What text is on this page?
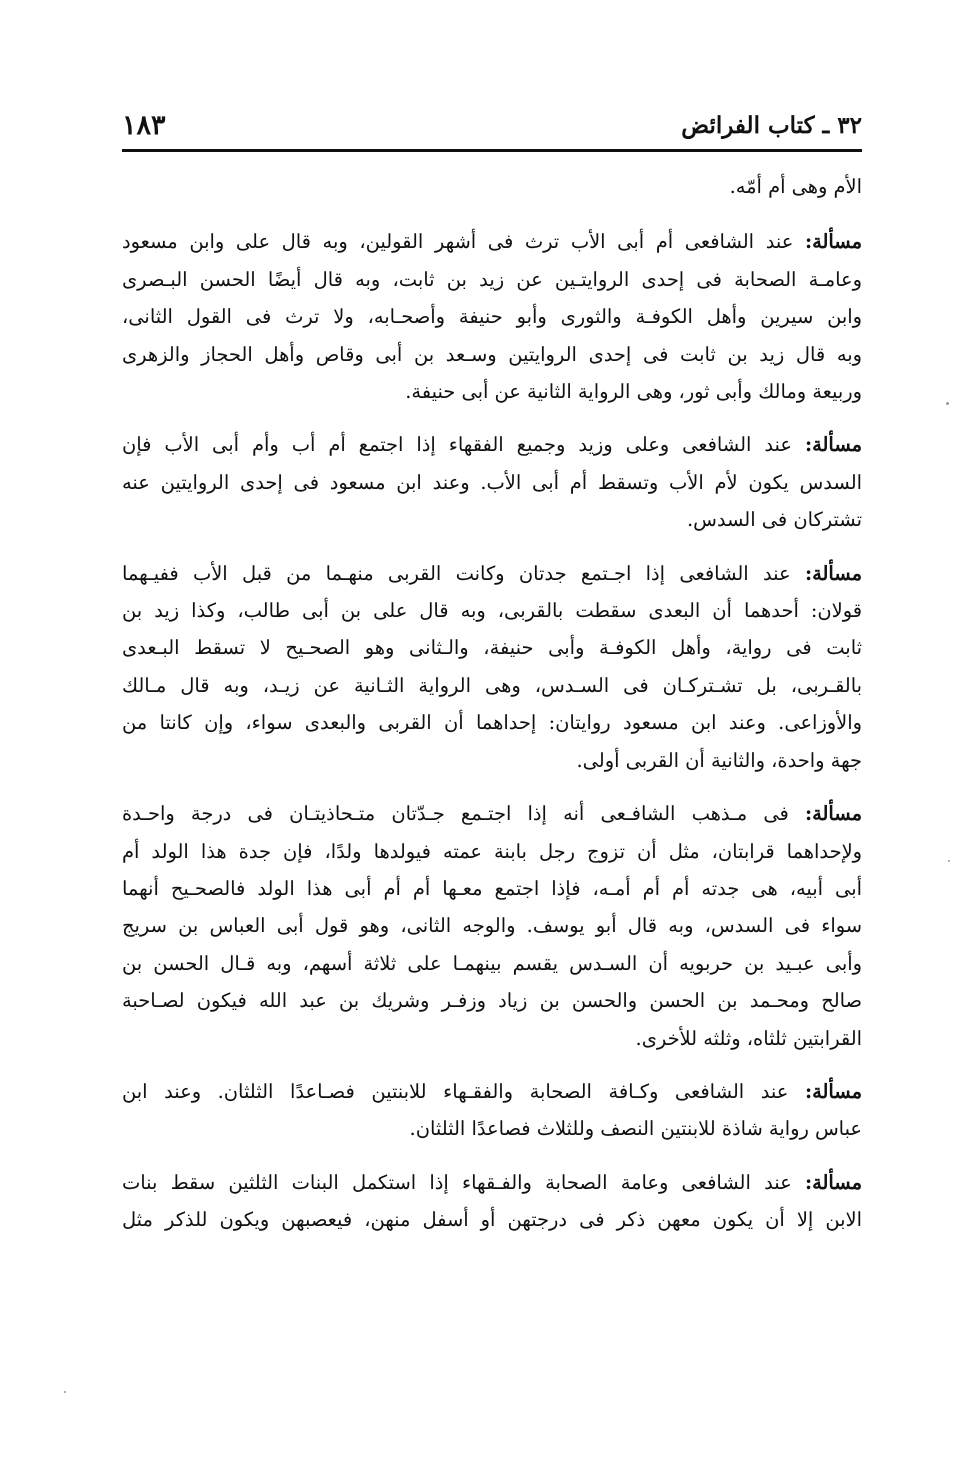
٣٢ ـ كتاب الفرائض
١٨٣
الأم وهى أم أمّه.
مسألة: عند الشافعى أم أبى الأب ترث فى أشهر القولين، وبه قال على وابن مسعود
وعامـة الصحابة فى إحدى الروايتـين عن زيد بن ثابت، وبه قال أيضًا الحسن البـصرى
وابن سيرين وأهل الكوفـة والثورى وأبو حنيفة وأصحـابه، ولا ترث فى القول الثانى،
وبه قال زيد بن ثابت فى إحدى الروايتين وسـعد بن أبى وقاص وأهل الحجاز والزهرى
وربيعة ومالك وأبى ثور، وهى الرواية الثانية عن أبى حنيفة.
مسألة: عند الشافعى وعلى وزيد وجميع الفقهاء إذا اجتمع أم أب وأم أبى الأب فإن
السدس يكون لأم الأب وتسقط أم أبى الأب. وعند ابن مسعود فى إحدى الروايتين عنه
تشتركان فى السدس.
مسألة: عند الشافعى إذا اجـتمع جدتان وكانت القربى منهـما من قبل الأب ففيـهما
قولان: أحدهما أن البعدى سقطت بالقربى، وبه قال على بن أبى طالب، وكذا زيد بن
ثابت فى رواية، وأهل الكوفـة وأبى حنيفة، والـثانى وهو الصحـيح لا تسقط البـعدى
بالقـربى، بل تشـتركـان فى السـدس، وهى الرواية الثـانية عن زيـد، وبه قال مـالك
والأوزاعى. وعند ابن مسعود روايتان: إحداهما أن القربى والبعدى سواء، وإن كانتا من
جهة واحدة، والثانية أن القربى أولى.
مسألة: فى مـذهب الشافـعى أنه إذا اجتـمع جـدّتان متـحاذيتـان فى درجة واحـدة
ولإحداهما قرابتان، مثل أن تزوج رجل بابنة عمته فيولدها ولدًا، فإن جدة هذا الولد أم
أبى أبيه، هى جدته أم أم أمـه، فإذا اجتمع معـها أم أم أبى هذا الولد فالصحـيح أنهما
سواء فى السدس، وبه قال أبو يوسف. والوجه الثانى، وهو قول أبى العباس بن سريج
وأبى عبـيد بن حربويه أن السـدس يقسم بينهمـا على ثلاثة أسهم، وبه قـال الحسن بن
صالح ومحـمد بن الحسن والحسن بن زياد وزفـر وشريك بن عبد الله فيكون لصـاحبة
القرابتين ثلثاه، وثلثه للأخرى.
مسألة: عند الشافعى وكـافة الصحابة والفقـهاء للابنتين فصـاعدًا الثلثان. وعند ابن
عباس رواية شاذة للابنتين النصف وللثلاث فصاعدًا الثلثان.
مسألة: عند الشافعى وعامة الصحابة والفـقهاء إذا استكمل البنات الثلثين سقط بنات
الابن إلا أن يكون معهن ذكر فى درجتهن أو أسفل منهن، فيعصبهن ويكون للذكر مثل
